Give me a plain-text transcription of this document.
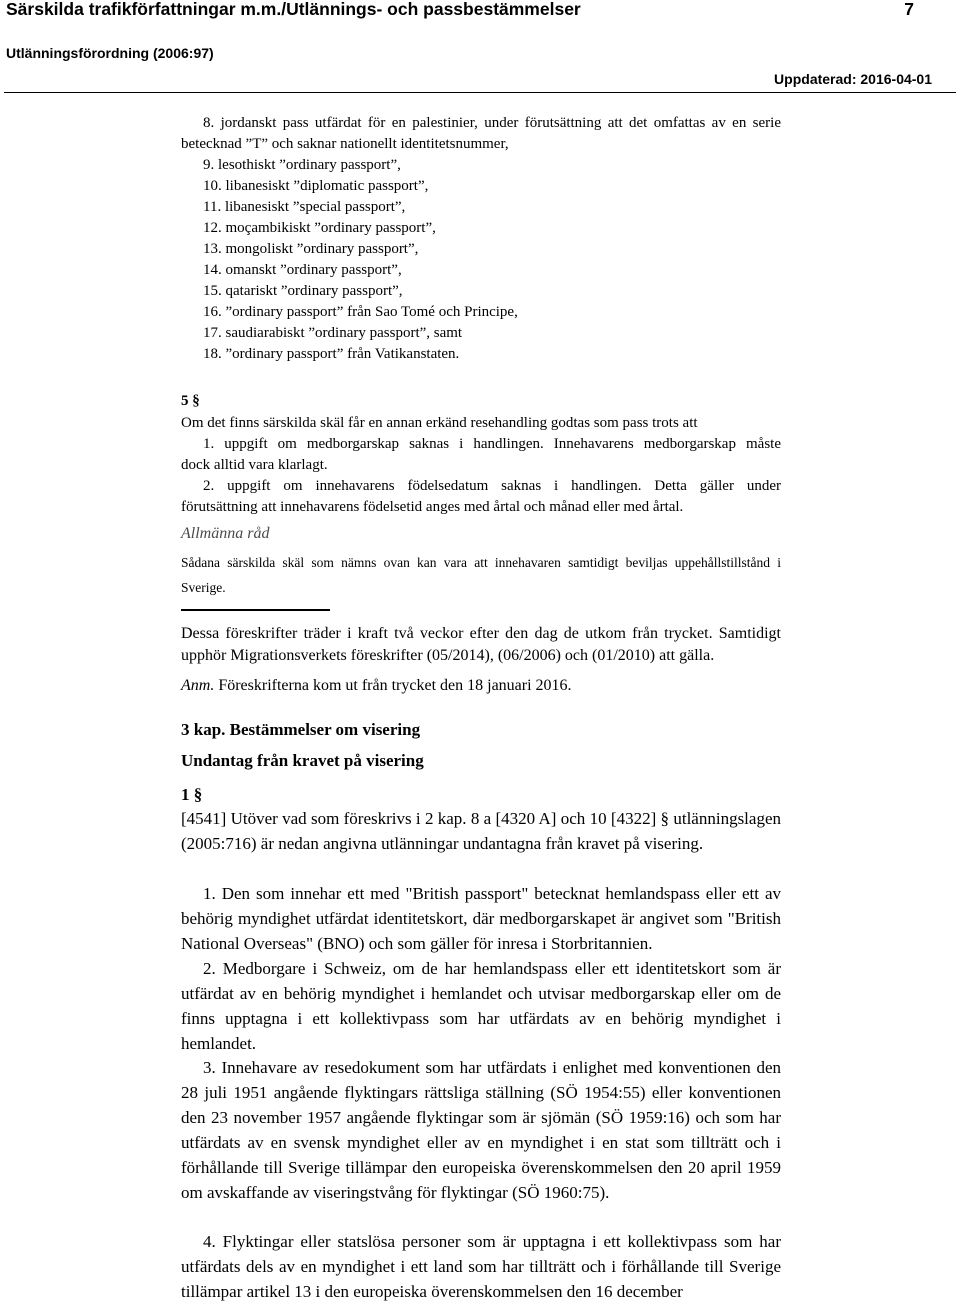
Särskilda trafikförfattningar m.m./Utlännings- och passbestämmelser	7
Utlänningsförordning (2006:97)
Uppdaterad: 2016-04-01
8. jordanskt pass utfärdat för en palestinier, under förutsättning att det omfattas av en serie
betecknad ”T” och saknar nationellt identitetsnummer,
9. lesothiskt ”ordinary passport”,
10. libanesiskt ”diplomatic passport”,
11. libanesiskt ”special passport”,
12. moçambikiskt ”ordinary passport”,
13. mongoliskt ”ordinary passport”,
14. omanskt ”ordinary passport”,
15. qatariskt ”ordinary passport”,
16. ”ordinary passport” från Sao Tomé och Principe,
17. saudiarabiskt ”ordinary passport”, samt
18. ”ordinary passport” från Vatikanstaten.
5 §
Om det finns särskilda skäl får en annan erkänd resehandling godtas som pass trots att
1. uppgift om medborgarskap saknas i handlingen. Innehavarens medborgarskap måste
dock alltid vara klarlagt.
2. uppgift om innehavarens födelsedatum saknas i handlingen. Detta gäller under
förutsättning att innehavarens födelsetid anges med årtal och månad eller med årtal.
Allmänna råd
Sådana särskilda skäl som nämns ovan kan vara att innehavaren samtidigt beviljas uppehållstillstånd i
Sverige.
Dessa föreskrifter träder i kraft två veckor efter den dag de utkom från trycket. Samtidigt
upphör Migrationsverkets föreskrifter (05/2014), (06/2006) och (01/2010) att gälla.
Anm. Föreskrifterna kom ut från trycket den 18 januari 2016.
3 kap. Bestämmelser om visering
Undantag från kravet på visering
1 §
[4541] Utöver vad som föreskrivs i 2 kap. 8 a [4320 A] och 10 [4322] § utlänningslagen (2005:716) är nedan angivna utlänningar undantagna från kravet på visering.
1. Den som innehar ett med "British passport" betecknat hemlandspass eller ett av behörig myndighet utfärdat identitetskort, där medborgarskapet är angivet som "British National Overseas" (BNO) och som gäller för inresa i Storbritannien.
2. Medborgare i Schweiz, om de har hemlandspass eller ett identitetskort som är utfärdat av en behörig myndighet i hemlandet och utvisar medborgarskap eller om de finns upptagna i ett kollektivpass som har utfärdats av en behörig myndighet i hemlandet.
3. Innehavare av resedokument som har utfärdats i enlighet med konventionen den 28 juli 1951 angående flyktingars rättsliga ställning (SÖ 1954:55) eller konventionen den 23 november 1957 angående flyktingar som är sjömän (SÖ 1959:16) och som har utfärdats av en svensk myndighet eller av en myndighet i en stat som tillträtt och i förhållande till Sverige tillämpar den europeiska överenskommelsen den 20 april 1959 om avskaffande av viseringstvång för flyktingar (SÖ 1960:75).
4. Flyktingar eller statslösa personer som är upptagna i ett kollektivpass som har utfärdats dels av en myndighet i ett land som har tillträtt och i förhållande till Sverige tillämpar artikel 13 i den europeiska överenskommelsen den 16 december
